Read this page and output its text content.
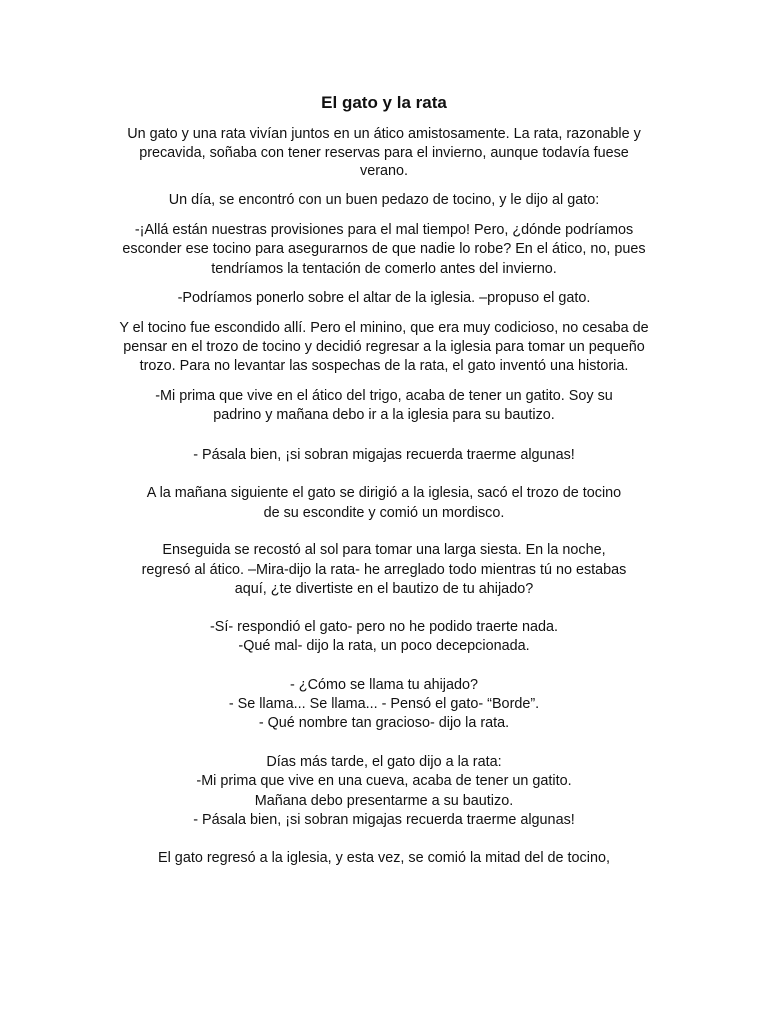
El gato y la rata

Un gato y una rata vivían juntos en un ático amistosamente. La rata, razonable y

precavida, soñaba con tener reservas para el invierno, aunque todavía fuese

verano.

Un día, se encontró con un buen pedazo de tocino, y le dijo al gato:

-¡Allá están nuestras provisiones para el mal tiempo! Pero, ¿dónde podríamos

esconder ese tocino para asegurarnos de que nadie lo robe? En el ático, no, pues

tendríamos la tentación de comerlo antes del invierno.

-Podríamos ponerlo sobre el altar de la iglesia. –propuso el gato.

Y el tocino fue escondido allí. Pero el minino, que era muy codicioso, no cesaba de

pensar en el trozo de tocino y decidió regresar a la iglesia para tomar un pequeño

trozo. Para no levantar las sospechas de la rata, el gato inventó una historia.

-Mi prima que vive en el ático del trigo, acaba de tener un gatito. Soy su

padrino y mañana debo ir a la iglesia para su bautizo.

- Pásala bien, ¡si sobran migajas recuerda traerme algunas!

A la mañana siguiente el gato se dirigió a la iglesia, sacó el trozo de tocino

de su escondite y comió un mordisco.

Enseguida se recostó al sol para tomar una larga siesta. En la noche,

regresó al ático. –Mira-dijo la rata- he arreglado todo mientras tú no estabas

aquí, ¿te divertiste en el bautizo de tu ahijado?

-Sí- respondió el gato- pero no he podido traerte nada.

-Qué mal- dijo la rata, un poco decepcionada.

- ¿Cómo se llama tu ahijado?

- Se llama... Se llama... - Pensó el gato- “Borde”.

- Qué nombre tan gracioso- dijo la rata.

Días más tarde, el gato dijo a la rata:

-Mi prima que vive en una cueva, acaba de tener un gatito.

Mañana debo presentarme a su bautizo.

- Pásala bien, ¡si sobran migajas recuerda traerme algunas!

El gato regresó a la iglesia, y esta vez, se comió la mitad del de tocino,
